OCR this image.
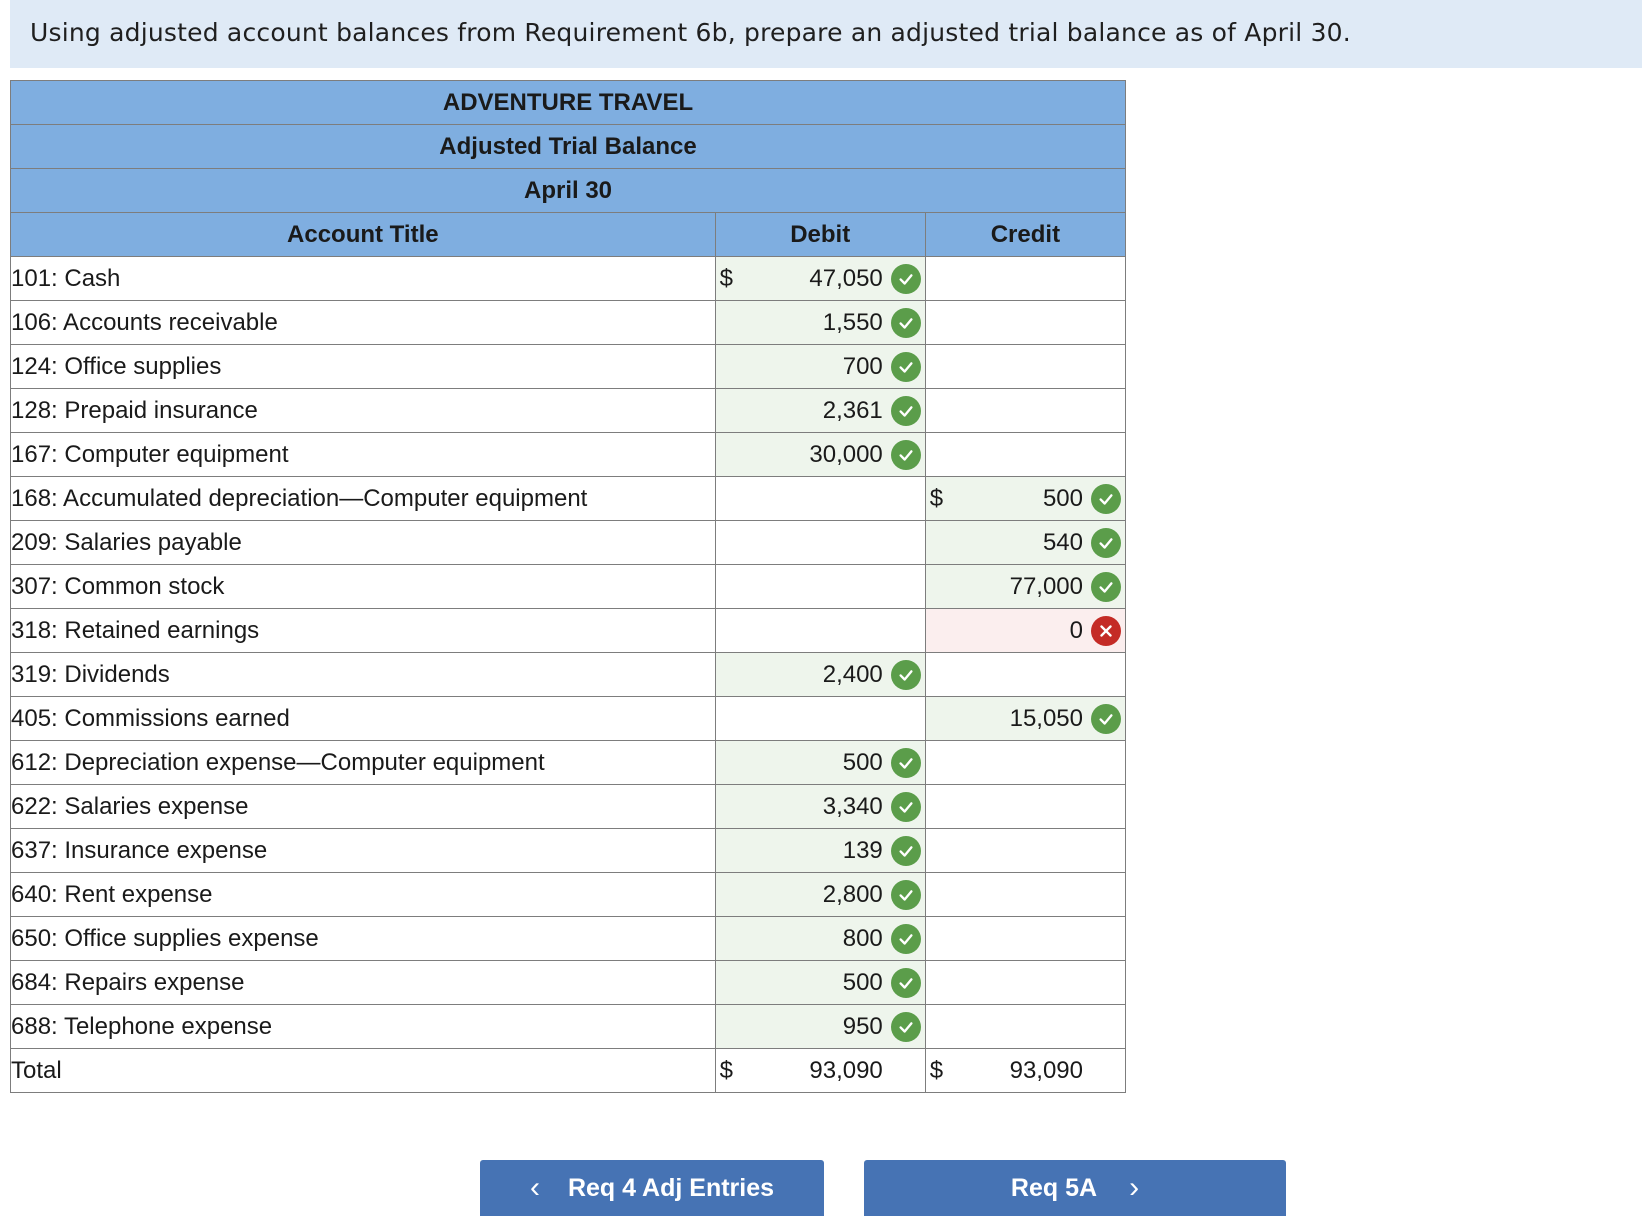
Using adjusted account balances from Requirement 6b, prepare an adjusted trial balance as of April 30.
ADVENTURE TRAVEL		
Adjusted Trial Balance		
April 30		
Account Title	Debit	Credit
101: Cash	$ 47,050	

106: Accounts receivable	1,550	

124: Office supplies	700	

128: Prepaid insurance	2,361	

167: Computer equipment	30,000	

168: Accumulated depreciation—Computer equipment		$ 500

209: Salaries payable		540

307: Common stock		77,000

318: Retained earnings		0

319: Dividends	2,400	

405: Commissions earned		15,050

612: Depreciation expense—Computer equipment	500	

622: Salaries expense	3,340	

637: Insurance expense	139	

640: Rent expense	2,800	

650: Office supplies expense	800	

684: Repairs expense	500	

688: Telephone expense	950	

Total	$ 93,090	$ 93,090
‹ Req 4 Adj Entries	Req 5A ›
